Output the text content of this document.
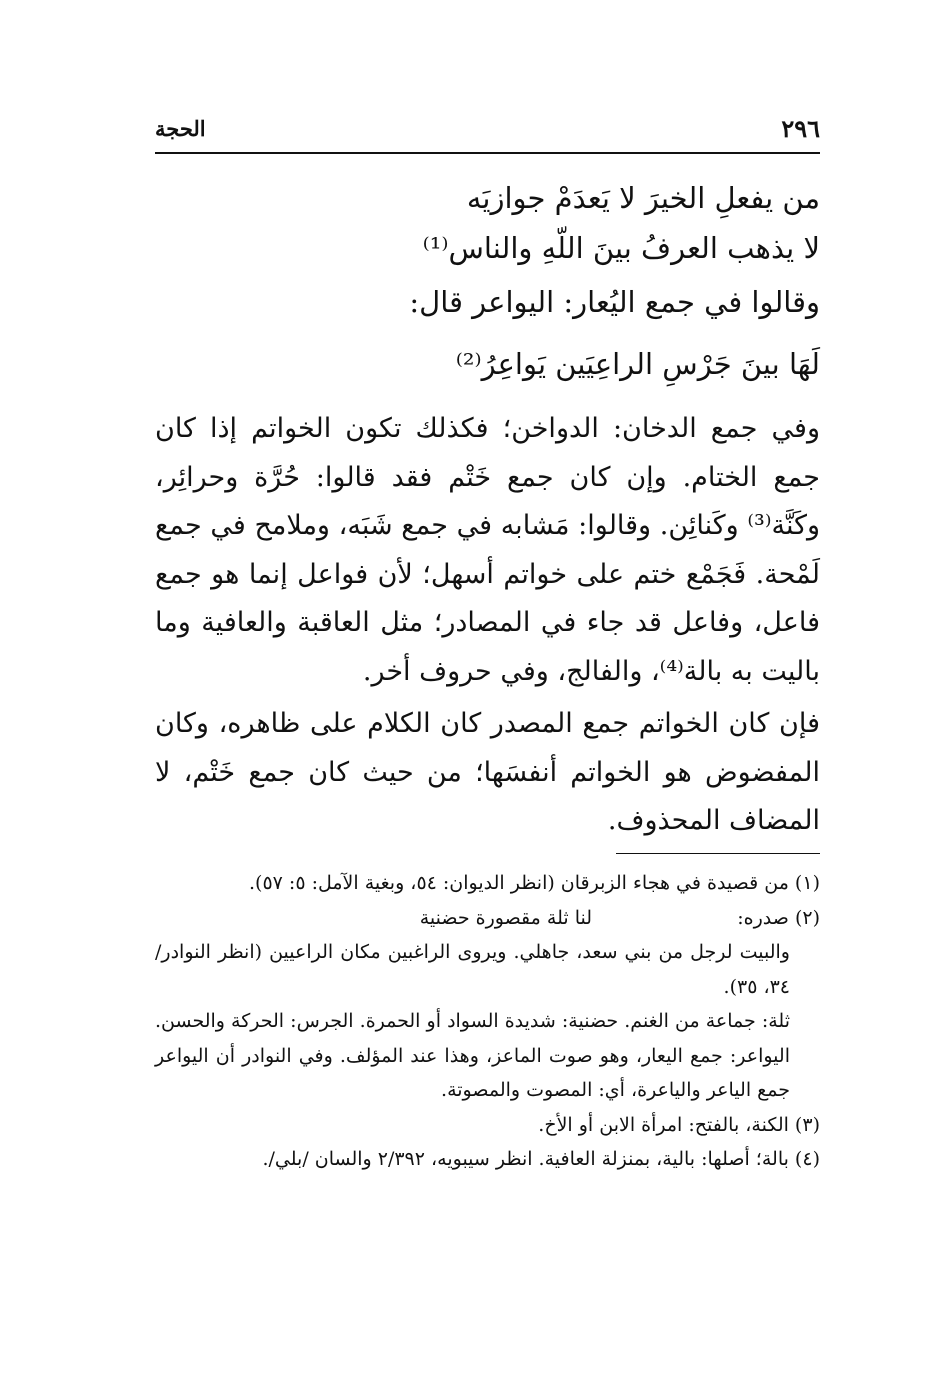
٢٩٦
الحجة
من يفعلِ الخيرَ لا يَعدَمْ جوازيَه
لا يذهب العرفُ بينَ اللّهِ والناس⁽¹⁾
وقالوا في جمع اليُعار: اليواعر قال:
لَهَا بينَ جَرْسِ الراعِيَين يَواعِرُ⁽²⁾
وفي جمع الدخان: الدواخن؛ فكذلك تكون الخواتم إذا كان جمع الختام. وإن كان جمع خَتْم فقد قالوا: حُرَّة وحرائِر، وكَنَّة⁽³⁾ وكَنائِن. وقالوا: مَشابه في جمع شَبَه، وملامح في جمع لَمْحة. فَجَمْع ختم على خواتم أسهل؛ لأن فواعل إنما هو جمع فاعل، وفاعل قد جاء في المصادر؛ مثل العاقبة والعافية وما باليت به بالة⁽⁴⁾، والفالج، وفي حروف أخر.
فإن كان الخواتم جمع المصدر كان الكلام على ظاهره، وكان المفضوض هو الخواتم أنفسَها؛ من حيث كان جمع خَتْم، لا المضاف المحذوف.
(١) من قصيدة في هجاء الزبرقان (انظر الديوان: ٥٤، وبغية الآمل: ٥: ٥٧).
(٢) صدره:
لنا ثلة مقصورة حضنية
والبيت لرجل من بني سعد، جاهلي. ويروى الراغبين مكان الراعيين (انظر النوادر/٣٤، ٣٥).
ثلة: جماعة من الغنم. حضنية: شديدة السواد أو الحمرة. الجرس: الحركة والحسن. اليواعر: جمع اليعار، وهو صوت الماعز، وهذا عند المؤلف. وفي النوادر أن اليواعر جمع الياعر والياعرة، أي: المصوت والمصوتة.
(٣) الكنة، بالفتح: امرأة الابن أو الأخ.
(٤) بالة؛ أصلها: بالية، بمنزلة العافية. انظر سيبويه، ٢/٣٩٢ والسان /بلي/.
